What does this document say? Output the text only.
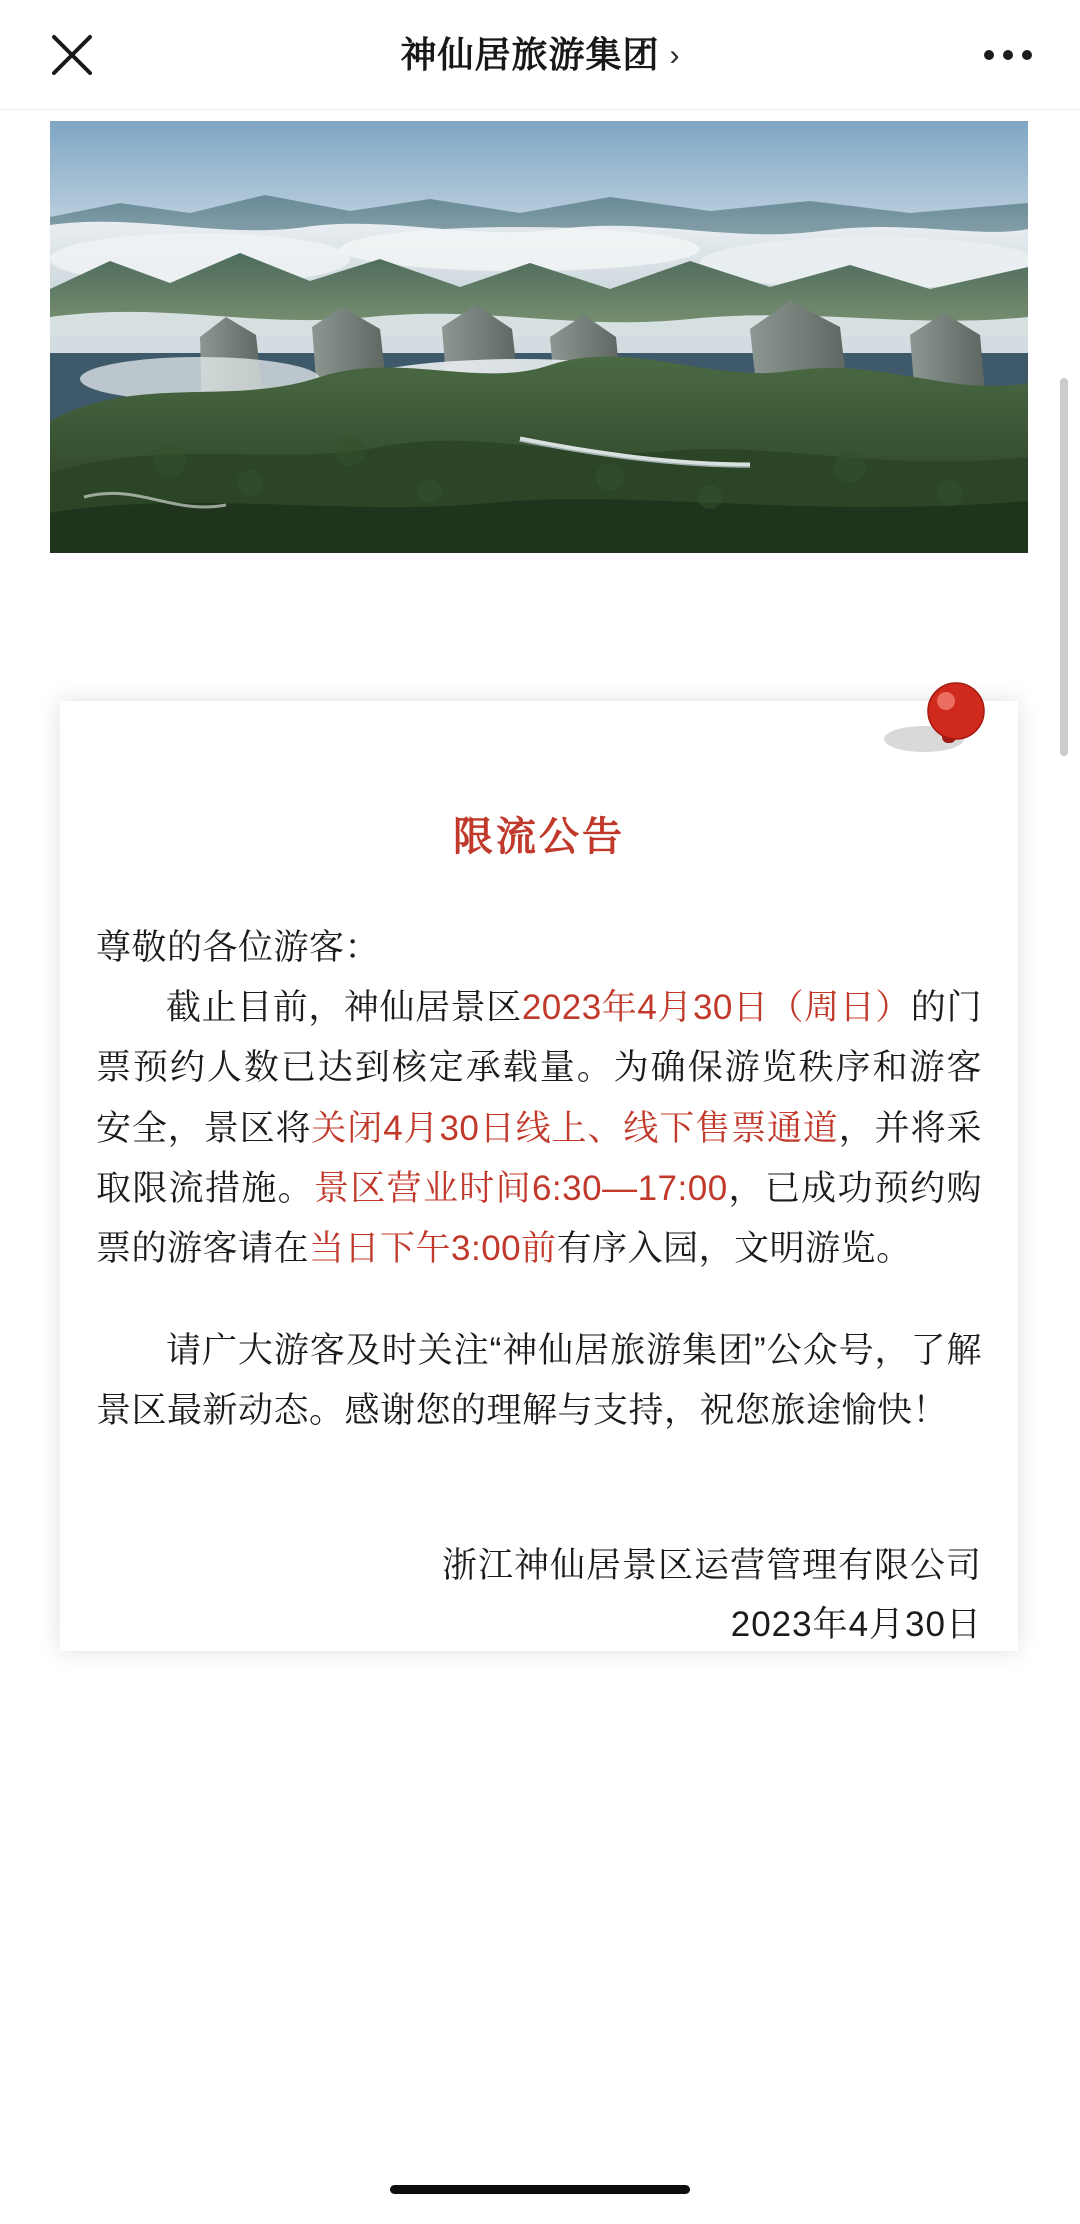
神仙居旅游集团 ›
限流公告

尊敬的各位游客：

截止目前，神仙居景区2023年4月30日（周日）的门票预约人数已达到核定承载量。为确保游览秩序和游客安全，景区将关闭4月30日线上、线下售票通道，并将采取限流措施。景区营业时间6:30—17:00，已成功预约购票的游客请在当日下午3:00前有序入园，文明游览。

请广大游客及时关注“神仙居旅游集团”公众号，了解景区最新动态。感谢您的理解与支持，祝您旅途愉快！

浙江神仙居景区运营管理有限公司
2023年4月30日
